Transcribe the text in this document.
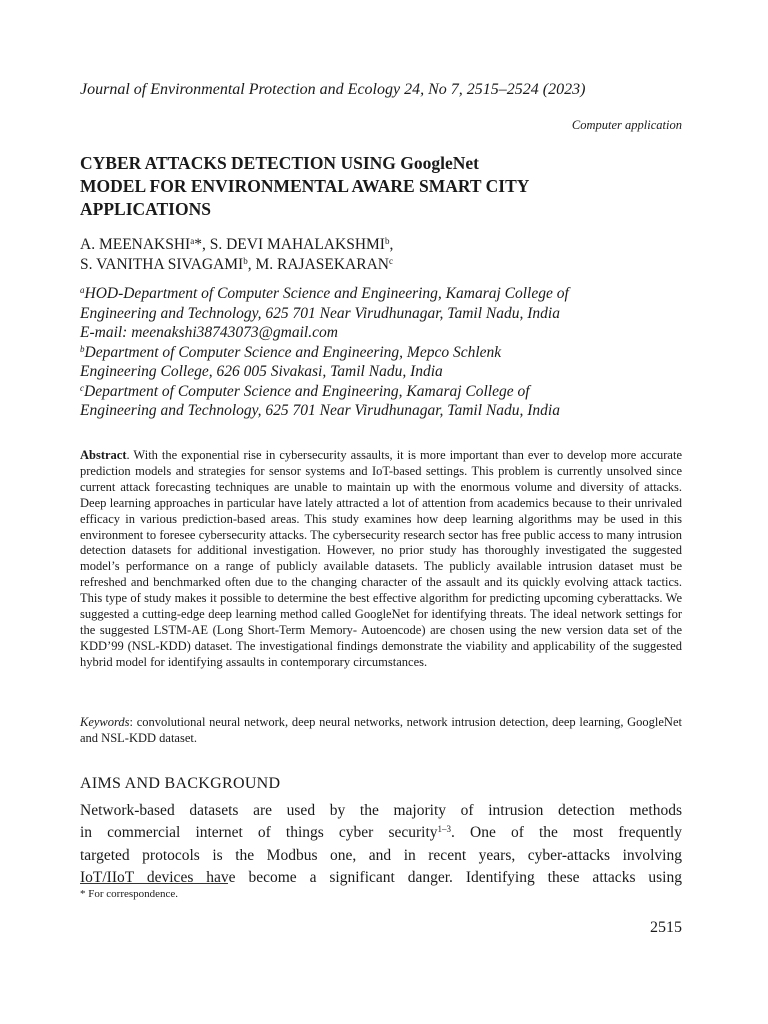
Journal of Environmental Protection and Ecology 24, No 7, 2515–2524 (2023)
Computer application
CYBER ATTACKS DETECTION USING GoogleNet
MODEL FOR ENVIRONMENTAL AWARE SMART CITY
APPLICATIONS
A. MEENAKSHI$^a$*, S. DEVI MAHALAKSHMI$^b$,
S. VANITHA SIVAGAMI$^b$, M. RAJASEKARAN$^c$
$^a$HOD-Department of Computer Science and Engineering, Kamaraj College of
Engineering and Technology, 625 701 Near Virudhunagar, Tamil Nadu, India
E-mail: meenakshi38743073@gmail.com
$^b$Department of Computer Science and Engineering, Mepco Schlenk
Engineering College, 626 005 Sivakasi, Tamil Nadu, India
$^c$Department of Computer Science and Engineering, Kamaraj College of
Engineering and Technology, 625 701 Near Virudhunagar, Tamil Nadu, India
Abstract. With the exponential rise in cybersecurity assaults, it is more important than ever to develop more accurate prediction models and strategies for sensor systems and IoT-based settings. This problem is currently unsolved since current attack forecasting techniques are unable to maintain up with the enormous volume and diversity of attacks. Deep learning approaches in particular have lately attracted a lot of attention from academics because to their unrivaled efficacy in various prediction-based areas. This study examines how deep learning algorithms may be used in this environment to foresee cybersecurity attacks. The cybersecurity research sector has free public access to many intrusion detection datasets for additional investigation. However, no prior study has thoroughly investigated the suggested model’s performance on a range of publicly available datasets. The publicly available intrusion dataset must be refreshed and benchmarked often due to the changing character of the assault and its quickly evolving attack tactics. This type of study makes it possible to determine the best effective algorithm for predicting upcoming cyberattacks. We suggested a cutting-edge deep learning method called GoogleNet for identifying threats. The ideal network settings for the suggested LSTM-AE (Long Short-Term Memory- Autoencode) are chosen using the new version data set of the KDD’99 (NSL-KDD) dataset. The investigational findings demonstrate the viability and applicability of the suggested hybrid model for identifying assaults in contemporary circumstances.
Keywords: convolutional neural network, deep neural networks, network intrusion detection, deep learning, GoogleNet and NSL-KDD dataset.
AIMS AND BACKGROUND
Network-based datasets are used by the majority of intrusion detection methods
in commercial internet of things cyber security$^{1-3}$. One of the most frequently
targeted protocols is the Modbus one, and in recent years, cyber-attacks involving
IoT/IIoT devices have become a significant danger. Identifying these attacks using
* For correspondence.
2515
